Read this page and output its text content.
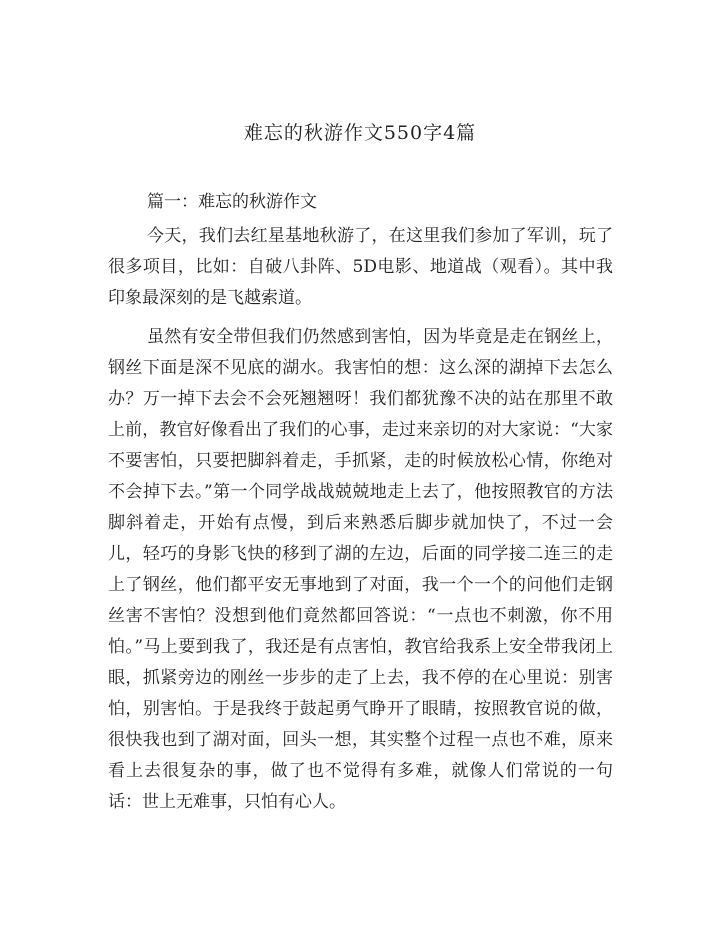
难忘的秋游作文550字4篇
篇一：难忘的秋游作文

今天，我们去红星基地秋游了，在这里我们参加了军训，玩了很多项目，比如：自破八卦阵、5D电影、地道战（观看）。其中我印象最深刻的是飞越索道。

虽然有安全带但我们仍然感到害怕，因为毕竟是走在钢丝上，钢丝下面是深不见底的湖水。我害怕的想：这么深的湖掉下去怎么办？万一掉下去会不会死翘翘呀！我们都犹豫不决的站在那里不敢上前，教官好像看出了我们的心事，走过来亲切的对大家说：“大家不要害怕，只要把脚斜着走，手抓紧，走的时候放松心情，你绝对不会掉下去。”第一个同学战战兢兢地走上去了，他按照教官的方法脚斜着走，开始有点慢，到后来熟悉后脚步就加快了，不过一会儿，轻巧的身影飞快的移到了湖的左边，后面的同学接二连三的走上了钢丝，他们都平安无事地到了对面，我一个一个的问他们走钢丝害不害怕？没想到他们竟然都回答说：“一点也不刺激，你不用怕。”马上要到我了，我还是有点害怕，教官给我系上安全带我闭上眼，抓紧旁边的刚丝一步步的走了上去，我不停的在心里说：别害怕，别害怕。于是我终于鼓起勇气睁开了眼睛，按照教官说的做，很快我也到了湖对面，回头一想，其实整个过程一点也不难，原来看上去很复杂的事，做了也不觉得有多难，就像人们常说的一句话：世上无难事，只怕有心人。
